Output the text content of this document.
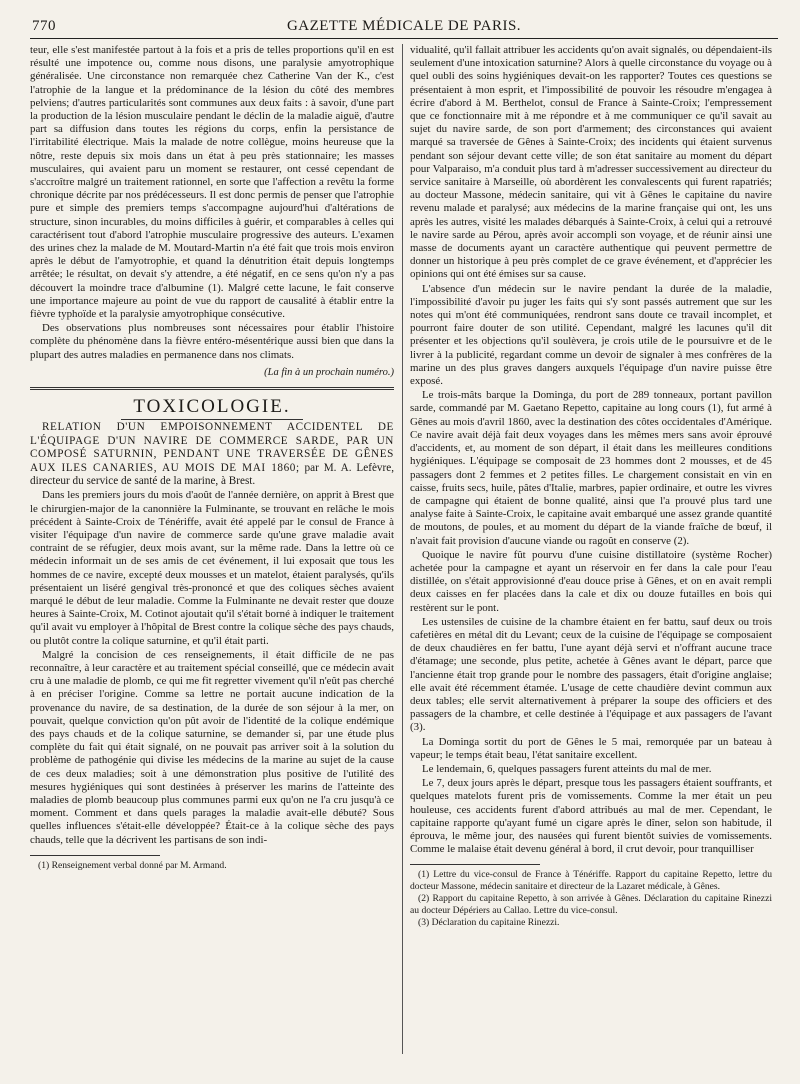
770	GAZETTE MÉDICALE DE PARIS.

teur, elle s'est manifestée partout à la fois et a pris de telles proportions qu'il en est résulté une impotence ou, comme nous disons, une paralysie amyotrophique généralisée. Une circonstance non remarquée chez Catherine Van der K., c'est l'atrophie de la langue et la prédominance de la lésion du côté des membres pelviens; d'autres particularités sont communes aux deux faits : à savoir, d'une part la production de la lésion musculaire pendant le déclin de la maladie aiguë, d'autre part sa diffusion dans toutes les régions du corps, enfin la persistance de l'irritabilité électrique. Mais la malade de notre collègue, moins heureuse que la nôtre, reste depuis six mois dans un état à peu près stationnaire; les masses musculaires, qui avaient paru un moment se restaurer, ont cessé cependant de s'accroître malgré un traitement rationnel, en sorte que l'affection a revêtu la forme chronique décrite par nos prédécesseurs. Il est donc permis de penser que l'atrophie pure et simple des premiers temps s'accompagne aujourd'hui d'altérations de structure, sinon incurables, du moins difficiles à guérir, et comparables à celles qui caractérisent tout d'abord l'atrophie musculaire progressive des auteurs. L'examen des urines chez la malade de M. Moutard-Martin n'a été fait que trois mois environ après le début de l'amyotrophie, et quand la dénutrition était depuis longtemps arrêtée; le résultat, on devait s'y attendre, a été négatif, en ce sens qu'on n'y a pas découvert la moindre trace d'albumine (1). Malgré cette lacune, le fait conserve une importance majeure au point de vue du rapport de causalité à établir entre la fièvre typhoïde et la paralysie amyotrophique consécutive.

Des observations plus nombreuses sont nécessaires pour établir l'histoire complète du phénomène dans la fièvre entéro-mésentérique aussi bien que dans la plupart des autres maladies en permanence dans nos climats.

(La fin à un prochain numéro.)
TOXICOLOGIE.

RELATION D'UN EMPOISONNEMENT ACCIDENTEL DE L'ÉQUIPAGE D'UN NAVIRE DE COMMERCE SARDE, PAR UN COMPOSÉ SATURNIN, PENDANT UNE TRAVERSÉE DE GÊNES AUX ILES CANARIES, AU MOIS DE MAI 1860; par M. A. Lefèvre, directeur du service de santé de la marine, à Brest.

Dans les premiers jours du mois d'août de l'année dernière, on apprit à Brest que le chirurgien-major de la canonnière la Fulminante, se trouvant en relâche le mois précédent à Sainte-Croix de Ténériffe, avait été appelé par le consul de France à visiter l'équipage d'un navire de commerce sarde qu'une grave maladie avait contraint de se réfugier, deux mois avant, sur la même rade. Dans la lettre où ce médecin informait un de ses amis de cet événement, il lui exposait que tous les hommes de ce navire, excepté deux mousses et un matelot, étaient paralysés, qu'ils présentaient un liséré gengival très-prononcé et que des coliques sèches avaient marqué le début de leur maladie. Comme la Fulminante ne devait rester que douze heures à Sainte-Croix, M. Cotinot ajoutait qu'il s'était borné à indiquer le traitement qu'il avait vu employer à l'hôpital de Brest contre la colique sèche des pays chauds, ou plutôt contre la colique saturnine, et qu'il était parti.

Malgré la concision de ces renseignements, il était difficile de ne pas reconnaître, à leur caractère et au traitement spécial conseillé, que ce médecin avait cru à une maladie de plomb, ce qui me fit regretter vivement qu'il n'eût pas cherché à en préciser l'origine. Comme sa lettre ne portait aucune indication de la provenance du navire, de sa destination, de la durée de son séjour à la mer, on pouvait, quelque conviction qu'on pût avoir de l'identité de la colique endémique des pays chauds et de la colique saturnine, se demander si, par une étude plus complète du fait qui était signalé, on ne pouvait pas arriver soit à la solution du problème de pathogénie qui divise les médecins de la marine au sujet de la cause de ces deux maladies; soit à une démonstration plus positive de l'utilité des mesures hygiéniques qui sont destinées à préserver les marins de l'atteinte des maladies de plomb beaucoup plus communes parmi eux qu'on ne l'a cru jusqu'à ce moment. Comment et dans quels parages la maladie avait-elle débuté? Sous quelles influences s'était-elle développée? Était-ce à la colique sèche des pays chauds, telle que la décrivent les partisans de son indi-

(1) Renseignement verbal donné par M. Armand.

vidualité, qu'il fallait attribuer les accidents qu'on avait signalés, ou dépendaient-ils seulement d'une intoxication saturnine? Alors à quelle circonstance du voyage ou à quel oubli des soins hygiéniques devait-on les rapporter? Toutes ces questions se présentaient à mon esprit, et l'impossibilité de pouvoir les résoudre m'engagea à écrire d'abord à M. Berthelot, consul de France à Sainte-Croix; l'empressement que ce fonctionnaire mit à me répondre et à me communiquer ce qu'il savait au sujet du navire sarde, de son port d'armement; des circonstances qui avaient marqué sa traversée de Gênes à Sainte-Croix; des incidents qui étaient survenus pendant son séjour devant cette ville; de son état sanitaire au moment du départ pour Valparaiso, m'a conduit plus tard à m'adresser successivement au directeur du service sanitaire à Marseille, où abordèrent les convalescents qui furent rapatriés; au docteur Massone, médecin sanitaire, qui vit à Gênes le capitaine du navire revenu malade et paralysé; aux médecins de la marine française qui ont, les uns après les autres, visité les malades débarqués à Sainte-Croix, à celui qui a retrouvé le navire sarde au Pérou, après avoir accompli son voyage, et de réunir ainsi une masse de documents ayant un caractère authentique qui peuvent permettre de donner un historique à peu près complet de ce grave événement, et d'apprécier les opinions qui ont été émises sur sa cause.

L'absence d'un médecin sur le navire pendant la durée de la maladie, l'impossibilité d'avoir pu juger les faits qui s'y sont passés autrement que sur les notes qui m'ont été communiquées, rendront sans doute ce travail incomplet, et pourront faire douter de son utilité. Cependant, malgré les lacunes qu'il dit présenter et les objections qu'il soulèvera, je crois utile de le poursuivre et de le livrer à la publicité, regardant comme un devoir de signaler à mes confrères de la marine un des plus graves dangers auxquels l'équipage d'un navire puisse être exposé.

Le trois-mâts barque la Dominga, du port de 289 tonneaux, portant pavillon sarde, commandé par M. Gaetano Repetto, capitaine au long cours (1), fut armé à Gênes au mois d'avril 1860, avec la destination des côtes occidentales d'Amérique. Ce navire avait déjà fait deux voyages dans les mêmes mers sans avoir éprouvé d'accidents, et, au moment de son départ, il était dans les meilleures conditions hygiéniques. L'équipage se composait de 23 hommes dont 2 mousses, et de 45 passagers dont 2 femmes et 2 petites filles. Le chargement consistait en vin en caisse, fruits secs, huile, pâtes d'Italie, marbres, papier ordinaire, et outre les vivres de campagne qui étaient de bonne qualité, ainsi que l'a prouvé plus tard une analyse faite à Sainte-Croix, le capitaine avait embarqué une assez grande quantité de moutons, de poules, et au moment du départ de la viande fraîche de bœuf, il n'avait fait provision d'aucune viande ou ragoût en conserve (2).

Quoique le navire fût pourvu d'une cuisine distillatoire (système Rocher) achetée pour la campagne et ayant un réservoir en fer dans la cale pour l'eau distillée, on s'était approvisionné d'eau douce prise à Gênes, et on en avait rempli deux caisses en fer placées dans la cale et dix ou douze futailles en bois qui restèrent sur le pont.

Les ustensiles de cuisine de la chambre étaient en fer battu, sauf deux ou trois cafetières en métal dit du Levant; ceux de la cuisine de l'équipage se composaient de deux chaudières en fer battu, l'une ayant déjà servi et n'offrant aucune trace d'étamage; une seconde, plus petite, achetée à Gênes avant le départ, parce que l'ancienne était trop grande pour le nombre des passagers, était d'origine anglaise; elle avait été récemment étamée. L'usage de cette chaudière devint commun aux deux tables; elle servit alternativement à préparer la soupe des officiers et des passagers de la chambre, et celle destinée à l'équipage et aux passagers de l'avant (3).

La Dominga sortit du port de Gênes le 5 mai, remorquée par un bateau à vapeur; le temps était beau, l'état sanitaire excellent.

Le lendemain, 6, quelques passagers furent atteints du mal de mer.

Le 7, deux jours après le départ, presque tous les passagers étaient souffrants, et quelques matelots furent pris de vomissements. Comme la mer était un peu houleuse, ces accidents furent d'abord attribués au mal de mer. Cependant, le capitaine rapporte qu'ayant fumé un cigare après le dîner, selon son habitude, il éprouva, le même jour, des nausées qui furent bientôt suivies de vomissements. Comme le malaise était devenu général à bord, il crut devoir, pour tranquilliser

(1) Lettre du vice-consul de France à Ténériffe. Rapport du capitaine Repetto, lettre du docteur Massone, médecin sanitaire et directeur de la Lazaret médicale, à Gênes.

(2) Rapport du capitaine Repetto, à son arrivée à Gênes. Déclaration du capitaine Rinezzi au docteur Dépériers au Callao. Lettre du vice-consul.

(3) Déclaration du capitaine Rinezzi.
